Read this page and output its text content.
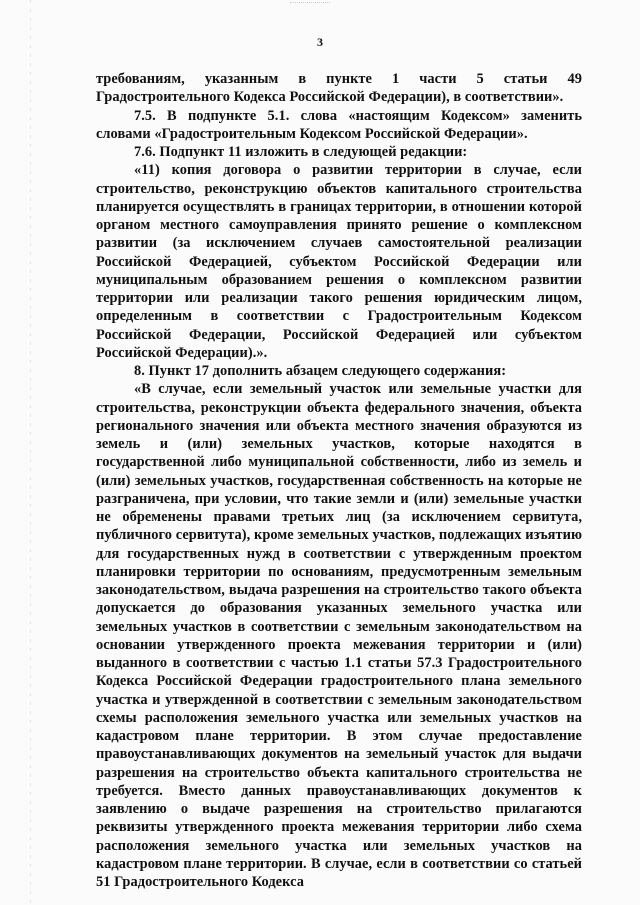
3

требованиям, указанным в пункте 1 части 5 статьи 49 Градостроительного Кодекса Российской Федерации), в соответствии».

7.5. В подпункте 5.1. слова «настоящим Кодексом» заменить словами «Градостроительным Кодексом Российской Федерации».

7.6. Подпункт 11 изложить в следующей редакции:

«11) копия договора о развитии территории в случае, если строительство, реконструкцию объектов капитального строительства планируется осуществлять в границах территории, в отношении которой органом местного самоуправления принято решение о комплексном развитии (за исключением случаев самостоятельной реализации Российской Федерацией, субъектом Российской Федерации или муниципальным образованием решения о комплексном развитии территории или реализации такого решения юридическим лицом, определенным в соответствии с Градостроительным Кодексом Российской Федерации, Российской Федерацией или субъектом Российской Федерации).».

8. Пункт 17 дополнить абзацем следующего содержания:

«В случае, если земельный участок или земельные участки для строительства, реконструкции объекта федерального значения, объекта регионального значения или объекта местного значения образуются из земель и (или) земельных участков, которые находятся в государственной либо муниципальной собственности, либо из земель и (или) земельных участков, государственная собственность на которые не разграничена, при условии, что такие земли и (или) земельные участки не обременены правами третьих лиц (за исключением сервитута, публичного сервитута), кроме земельных участков, подлежащих изъятию для государственных нужд в соответствии с утвержденным проектом планировки территории по основаниям, предусмотренным земельным законодательством, выдача разрешения на строительство такого объекта допускается до образования указанных земельного участка или земельных участков в соответствии с земельным законодательством на основании утвержденного проекта межевания территории и (или) выданного в соответствии с частью 1.1 статьи 57.3 Градостроительного Кодекса Российской Федерации градостроительного плана земельного участка и утвержденной в соответствии с земельным законодательством схемы расположения земельного участка или земельных участков на кадастровом плане территории. В этом случае предоставление правоустанавливающих документов на земельный участок для выдачи разрешения на строительство объекта капитального строительства не требуется. Вместо данных правоустанавливающих документов к заявлению о выдаче разрешения на строительство прилагаются реквизиты утвержденного проекта межевания территории либо схема расположения земельного участка или земельных участков на кадастровом плане территории. В случае, если в соответствии со статьей 51 Градостроительного Кодекса
